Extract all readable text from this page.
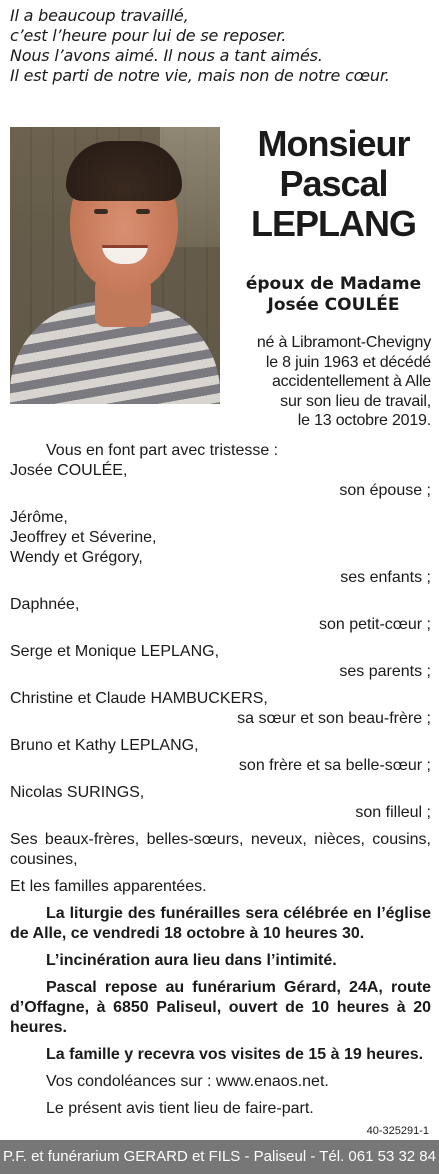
Il a beaucoup travaillé,
c’est l’heure pour lui de se reposer.
Nous l’avons aimé. Il nous a tant aimés.
Il est parti de notre vie, mais non de notre cœur.
Monsieur
Pascal
LEPLANG
époux de Madame
Josée COULÉE
né à Libramont-Chevigny
le 8 juin 1963 et décédé
accidentellement à Alle
sur son lieu de travail,
le 13 octobre 2019.
Vous en font part avec tristesse :
Josée COULÉE,
son épouse ;
Jérôme,
Jeoffrey et Séverine,
Wendy et Grégory,
ses enfants ;
Daphnée,
son petit-cœur ;
Serge et Monique LEPLANG,
ses parents ;
Christine et Claude HAMBUCKERS,
sa sœur et son beau-frère ;
Bruno et Kathy LEPLANG,
son frère et sa belle-sœur ;
Nicolas SURINGS,
son filleul ;
Ses beaux-frères, belles-sœurs, neveux, nièces, cousins, cousines,
Et les familles apparentées.
La liturgie des funérailles sera célébrée en l’église de Alle, ce vendredi 18 octobre à 10 heures 30.
L’incinération aura lieu dans l’intimité.
Pascal repose au funérarium Gérard, 24A, route d’Offagne, à 6850 Paliseul, ouvert de 10 heures à 20 heures.
La famille y recevra vos visites de 15 à 19 heures.
Vos condoléances sur : www.enaos.net.
Le présent avis tient lieu de faire-part.
40-325291-1
P.F. et funérarium GERARD et FILS - Paliseul - Tél. 061 53 32 84
